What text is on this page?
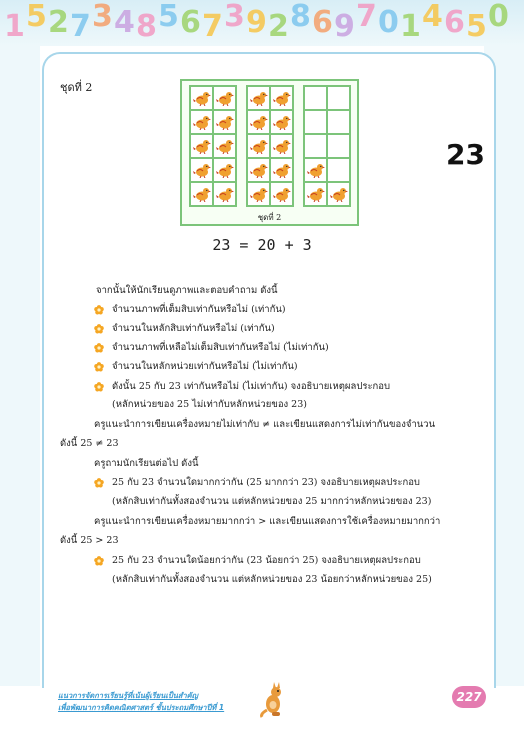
1 5 2 7 3 4 8 5 6 7 3 9 2 8 6 9 7 0 1 4 6 5 0
ชุดที่ 2
23
ชุดที่ 2
23 = 20 + 3
จากนั้นให้นักเรียนดูภาพและตอบคำถาม ดังนี้
จำนวนภาพที่เต็มสิบเท่ากันหรือไม่ (เท่ากัน)
จำนวนในหลักสิบเท่ากันหรือไม่ (เท่ากัน)
จำนวนภาพที่เหลือไม่เต็มสิบเท่ากันหรือไม่ (ไม่เท่ากัน)
จำนวนในหลักหน่วยเท่ากันหรือไม่ (ไม่เท่ากัน)
ดังนั้น 25 กับ 23 เท่ากันหรือไม่ (ไม่เท่ากัน) จงอธิบายเหตุผลประกอบ
(หลักหน่วยของ 25 ไม่เท่ากับหลักหน่วยของ 23)
ครูแนะนำการเขียนเครื่องหมายไม่เท่ากับ ≠ และเขียนแสดงการไม่เท่ากันของจำนวน
ดังนี้ 25 ≠ 23
ครูถามนักเรียนต่อไป ดังนี้
25 กับ 23 จำนวนใดมากกว่ากัน (25 มากกว่า 23) จงอธิบายเหตุผลประกอบ
(หลักสิบเท่ากันทั้งสองจำนวน แต่หลักหน่วยของ 25 มากกว่าหลักหน่วยของ 23)
ครูแนะนำการเขียนเครื่องหมายมากกว่า > และเขียนแสดงการใช้เครื่องหมายมากกว่า
ดังนี้ 25 > 23
25 กับ 23 จำนวนใดน้อยกว่ากัน (23 น้อยกว่า 25) จงอธิบายเหตุผลประกอบ
(หลักสิบเท่ากันทั้งสองจำนวน แต่หลักหน่วยของ 23 น้อยกว่าหลักหน่วยของ 25)
แนวการจัดการเรียนรู้ที่เน้นผู้เรียนเป็นสำคัญ
เพื่อพัฒนาการคิดคณิตศาสตร์ ชั้นประถมศึกษาปีที่ 1
227
